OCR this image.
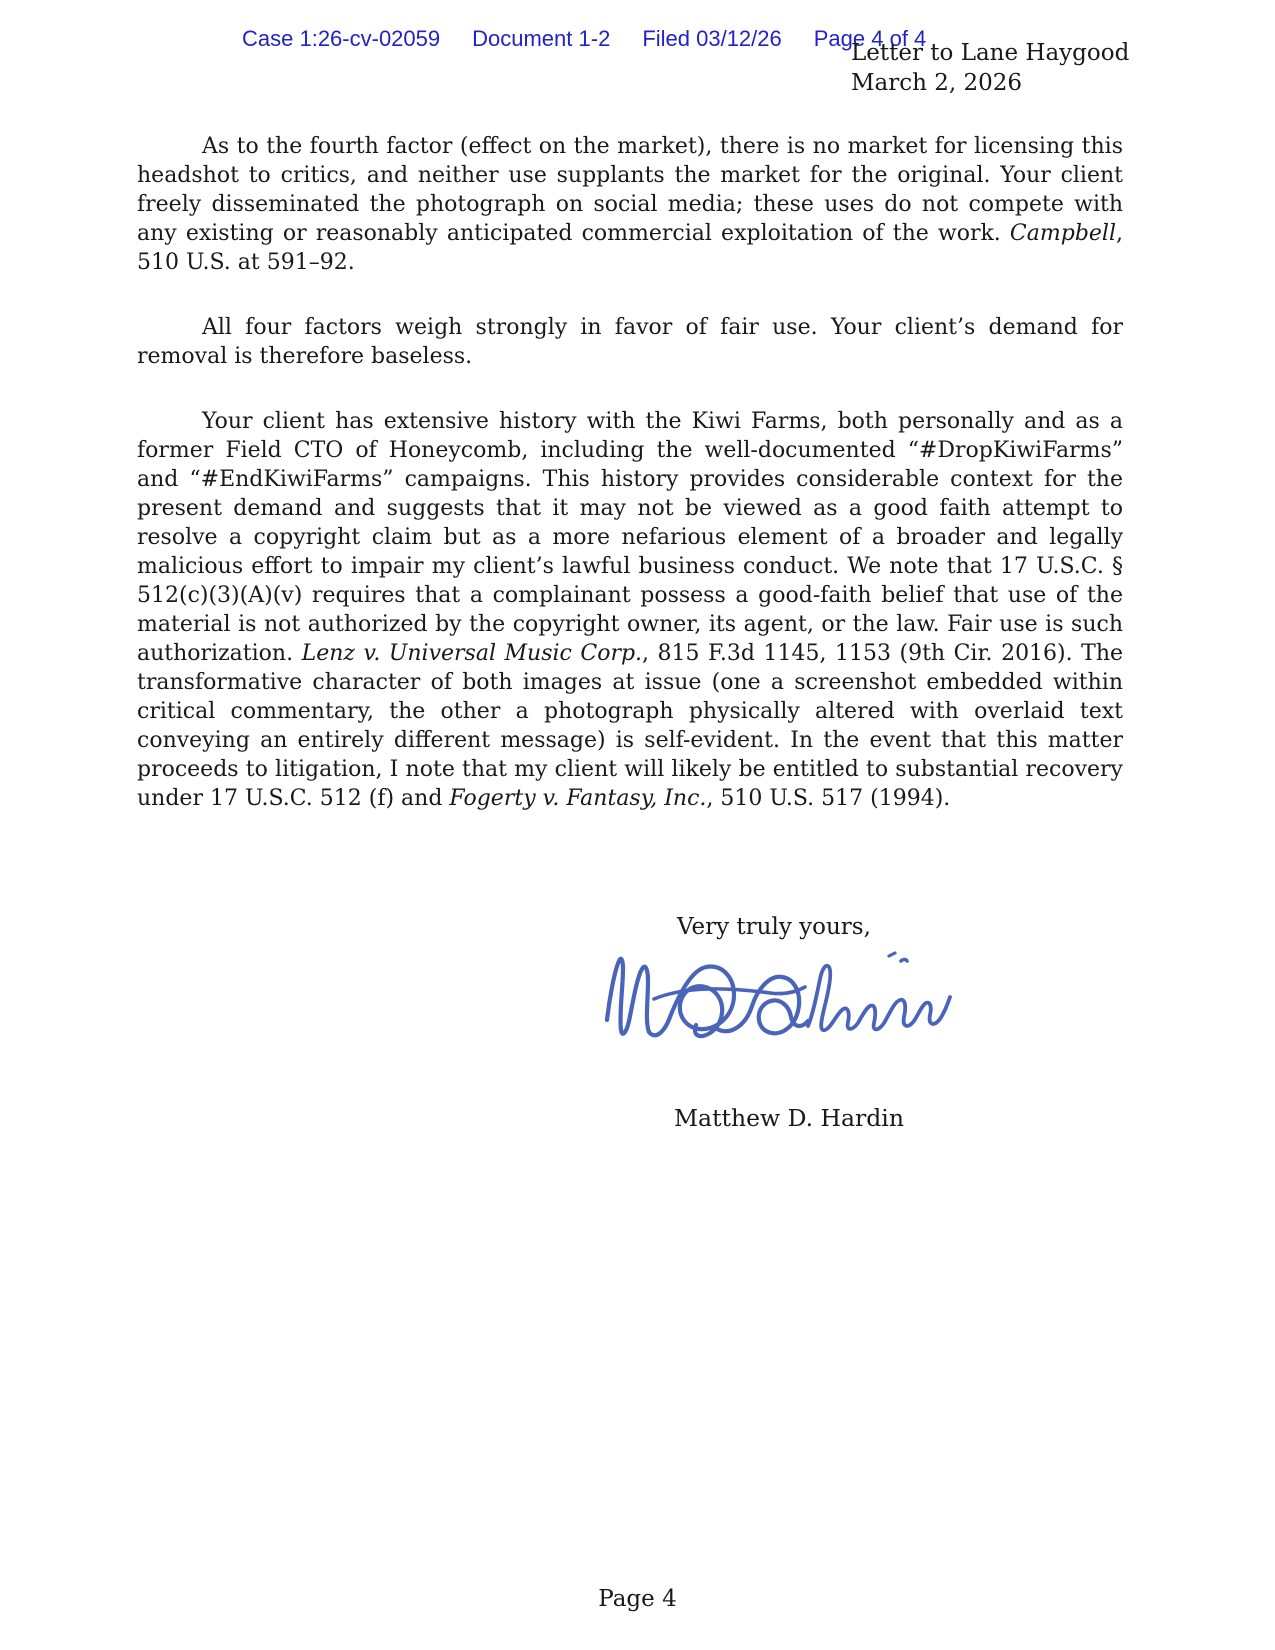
Case 1:26-cv-02059 Document 1-2 Filed 03/12/26 Page 4 of 4
Letter to Lane Haygood
March 2, 2026

As to the fourth factor (effect on the market), there is no market for licensing this headshot to critics, and neither use supplants the market for the original. Your client freely disseminated the photograph on social media; these uses do not compete with any existing or reasonably anticipated commercial exploitation of the work. Campbell, 510 U.S. at 591–92.

All four factors weigh strongly in favor of fair use. Your client’s demand for removal is therefore baseless.

Your client has extensive history with the Kiwi Farms, both personally and as a former Field CTO of Honeycomb, including the well-documented “#DropKiwiFarms” and “#EndKiwiFarms” campaigns. This history provides considerable context for the present demand and suggests that it may not be viewed as a good faith attempt to resolve a copyright claim but as a more nefarious element of a broader and legally malicious effort to impair my client’s lawful business conduct. We note that 17 U.S.C. § 512(c)(3)(A)(v) requires that a complainant possess a good-faith belief that use of the material is not authorized by the copyright owner, its agent, or the law. Fair use is such authorization. Lenz v. Universal Music Corp., 815 F.3d 1145, 1153 (9th Cir. 2016). The transformative character of both images at issue (one a screenshot embedded within critical commentary, the other a photograph physically altered with overlaid text conveying an entirely different message) is self-evident. In the event that this matter proceeds to litigation, I note that my client will likely be entitled to substantial recovery under 17 U.S.C. 512 (f) and Fogerty v. Fantasy, Inc., 510 U.S. 517 (1994).

Very truly yours,
Matthew D. Hardin
Page 4
